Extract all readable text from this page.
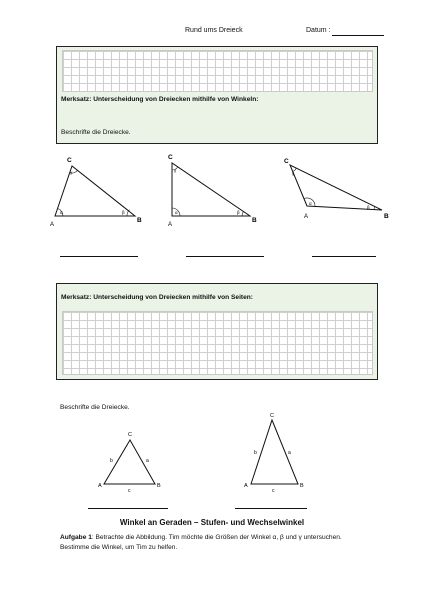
Rund ums Dreieck	Datum :
Merksatz: Unterscheidung von Dreiecken mithilfe von Winkeln:
Beschrifte die Dreiecke.
A
B
C
α	β
γ
A
B
C
α	β
γ
A	B
C
α
β
γ
Merksatz: Unterscheidung von Dreiecken mithilfe von Seiten:
Beschrifte die Dreiecke.
A	B
C
a
b
c
A	B
C
a
b
c
Winkel an Geraden – Stufen- und Wechselwinkel
Aufgabe 1: Betrachte die Abbildung. Tim möchte die Größen der Winkel α, β und γ untersuchen.
Bestimme die Winkel, um Tim zu helfen.
